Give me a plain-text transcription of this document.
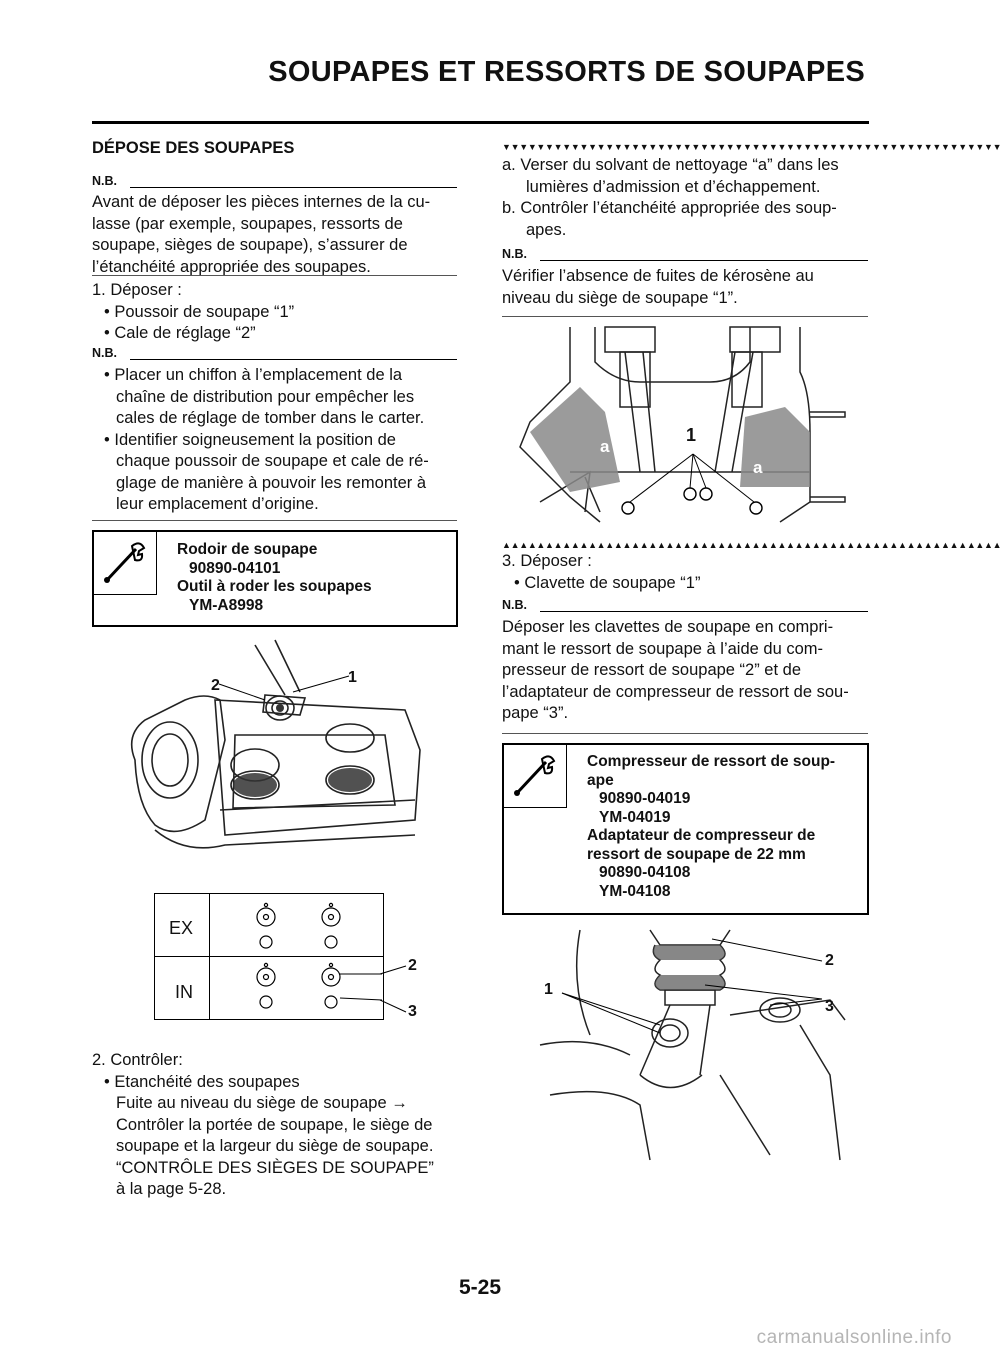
SOUPAPES ET RESSORTS DE SOUPAPES
DÉPOSE DES SOUPAPES
N.B.
Avant de déposer les pièces internes de la cu-
lasse (par exemple, soupapes, ressorts de
soupape, sièges de soupape), s’assurer de
l’étanchéité appropriée des soupapes.
1. Déposer :
• Poussoir de soupape “1”
• Cale de réglage “2”
N.B.
• Placer un chiffon à l’emplacement de la
chaîne de distribution pour empêcher les
cales de réglage de tomber dans le carter.
• Identifier soigneusement la position de
chaque poussoir de soupape et cale de ré-
glage de manière à pouvoir les remonter à
leur emplacement d’origine.
Rodoir de soupape
90890-04101
Outil à roder les soupapes
YM-A8998
2	1
EX
IN
2
3
2. Contrôler:
• Etanchéité des soupapes
Fuite au niveau du siège de soupape →
Contrôler la portée de soupape, le siège de
soupape et la largeur du siège de soupape.
“CONTRÔLE DES SIÈGES DE SOUPAPE”
à la page 5-28.
▼▼▼▼▼▼▼▼▼▼▼▼▼▼▼▼▼▼▼▼▼▼▼▼▼▼▼▼▼▼▼▼▼▼▼▼▼▼▼▼▼▼▼▼▼▼▼▼▼▼▼▼▼▼▼▼▼▼
a. Verser du solvant de nettoyage “a” dans les
lumières d’admission et d’échappement.
b. Contrôler l’étanchéité appropriée des soup-
apes.
N.B.
Vérifier l’absence de fuites de kérosène au
niveau du siège de soupape “1”.
a
1
a
▲▲▲▲▲▲▲▲▲▲▲▲▲▲▲▲▲▲▲▲▲▲▲▲▲▲▲▲▲▲▲▲▲▲▲▲▲▲▲▲▲▲▲▲▲▲▲▲▲▲▲▲▲▲▲▲▲▲
3. Déposer :
• Clavette de soupape “1”
N.B.
Déposer les clavettes de soupape en compri-
mant le ressort de soupape à l’aide du com-
presseur de ressort de soupape “2” et de
l’adaptateur de compresseur de ressort de sou-
pape “3”.
Compresseur de ressort de soup-
ape
90890-04019
YM-04019
Adaptateur de compresseur de
ressort de soupape de 22 mm
90890-04108
YM-04108
2
1
3
5-25
carmanualsonline.info
